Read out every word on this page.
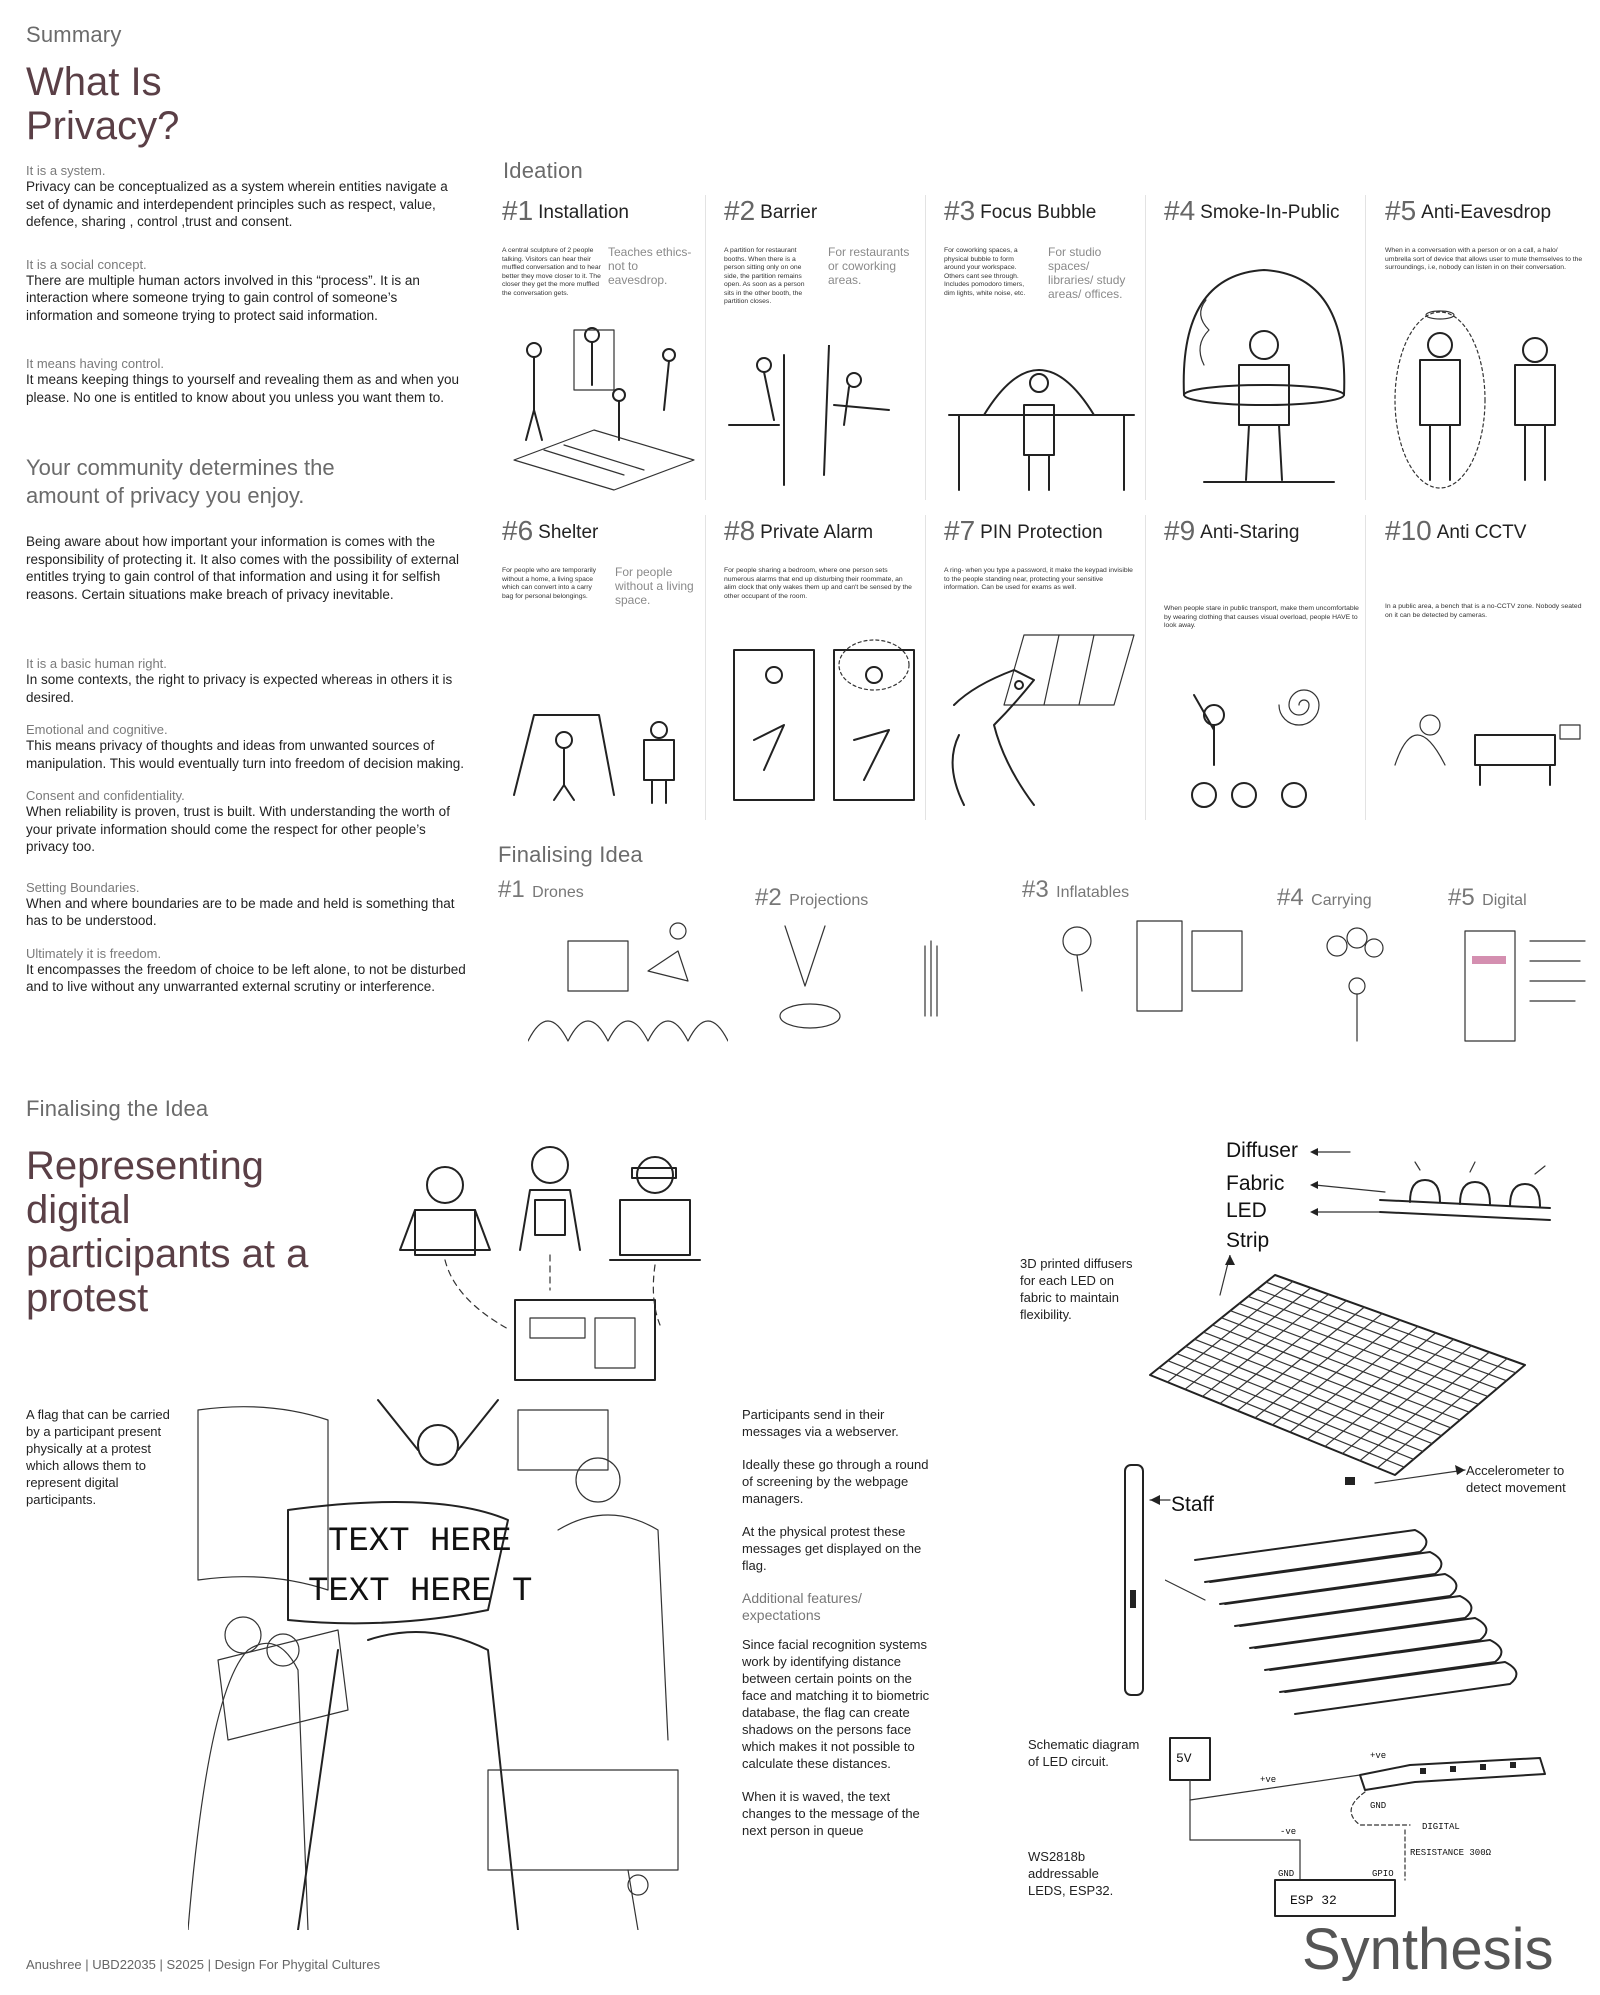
Summary
What Is
Privacy?
It is a system.
Privacy can be conceptualized as a system wherein entities navigate a set of dynamic and interdependent principles such as respect, value, defence, sharing , control ,trust and consent.
It is a social concept.
There are multiple human actors involved in this “process”. It is an interaction where someone trying to gain control of someone’s information and someone trying to protect said information.
It means having control.
It means keeping things to yourself and revealing them as and when you please. No one is entitled to know about you unless you want them to.
Your community determines the
amount of privacy you enjoy.
Being aware about how important your information is comes with the responsibility of protecting it. It also comes with the possibility of external entitles trying to gain control of that information and using it for selfish reasons. Certain situations make breach of privacy inevitable.
It is a basic human right.
In some contexts, the right to privacy is expected whereas in others it is desired.
Emotional and cognitive.
This means privacy of thoughts and ideas from unwanted sources of manipulation. This would eventually turn into freedom of decision making.
Consent and confidentiality.
When reliability is proven, trust is built. With understanding the worth of your private information should come the respect for other people’s privacy too.
Setting Boundaries.
When and where boundaries are to be made and held is something that has to be understood.
Ultimately it is freedom.
It encompasses the freedom of choice to be left alone, to not be disturbed and to live without any unwarranted external scrutiny or interference.
Ideation
#1 Installation
A central sculpture of 2 people talking. Visitors can hear their muffled conversation and to hear better they move closer to it. The closer they get the more muffled the conversation gets.
Teaches ethics- not to eavesdrop.
#2 Barrier
A partition for restaurant booths. When there is a person sitting only on one side, the partition remains open. As soon as a person sits in the other booth, the partition closes.
For restaurants or coworking areas.
#3 Focus Bubble
For coworking spaces, a physical bubble to form around your workspace. Others cant see through. Includes pomodoro timers, dim lights, white noise, etc.
For studio spaces/ libraries/ study areas/ offices.
#4 Smoke-In-Public #5 Anti-Eavesdrop
When in a conversation with a person or on a call, a halo/ umbrella sort of device that allows user to mute themselves to the surroundings, i.e, nobody can listen in on their conversation.
#6 Shelter
For people who are temporarily without a home, a living space which can convert into a carry bag for personal belongings.
For people without a living space.
#8 Private Alarm
For people sharing a bedroom, where one person sets numerous alarms that end up disturbing their roommate, an alim clock that only wakes them up and can't be sensed by the other occupant of the room.
#7 PIN Protection
A ring- when you type a password, it make the keypad invisible to the people standing near, protecting your sensitive information. Can be used for exams as well.
#9 Anti-Staring
When people stare in public transport, make them uncomfortable by wearing clothing that causes visual overload, people HAVE to look away.
#10 Anti CCTV
In a public area, a bench that is a no-CCTV zone. Nobody seated on it can be detected by cameras.
Finalising Idea
#1 Drones	#2 Projections	#3 Inflatables	#4 Carrying	#5 Digital
Finalising the Idea
Representing
digital
participants at a
protest
A flag that can be carried by a participant present physically at a protest which allows them to represent digital participants.
TEXT HERE
TEXT HERE T
Participants send in their messages via a webserver.
Ideally these go through a round of screening by the webpage managers.
At the physical protest these messages get displayed on the flag.
Additional features/ expectations
Since facial recognition systems work by identifying distance between certain points on the face and matching it to biometric database, the flag can create shadows on the persons face which makes it not possible to calculate these distances.
When it is waved, the text changes to the message of the next person in queue
Diffuser
Fabric
LED
Strip
3D printed diffusers for each LED on fabric to maintain flexibility.
Accelerometer to detect movement
Staff
Schematic diagram of LED circuit.
WS2818b addressable LEDS, ESP32.
5V
+ve
-ve
+ve
GND
DIGITAL
RESISTANCE 300Ω
ESP 32
GND	GPIO
Anushree | UBD22035 | S2025 | Design For Phygital Cultures	Synthesis
